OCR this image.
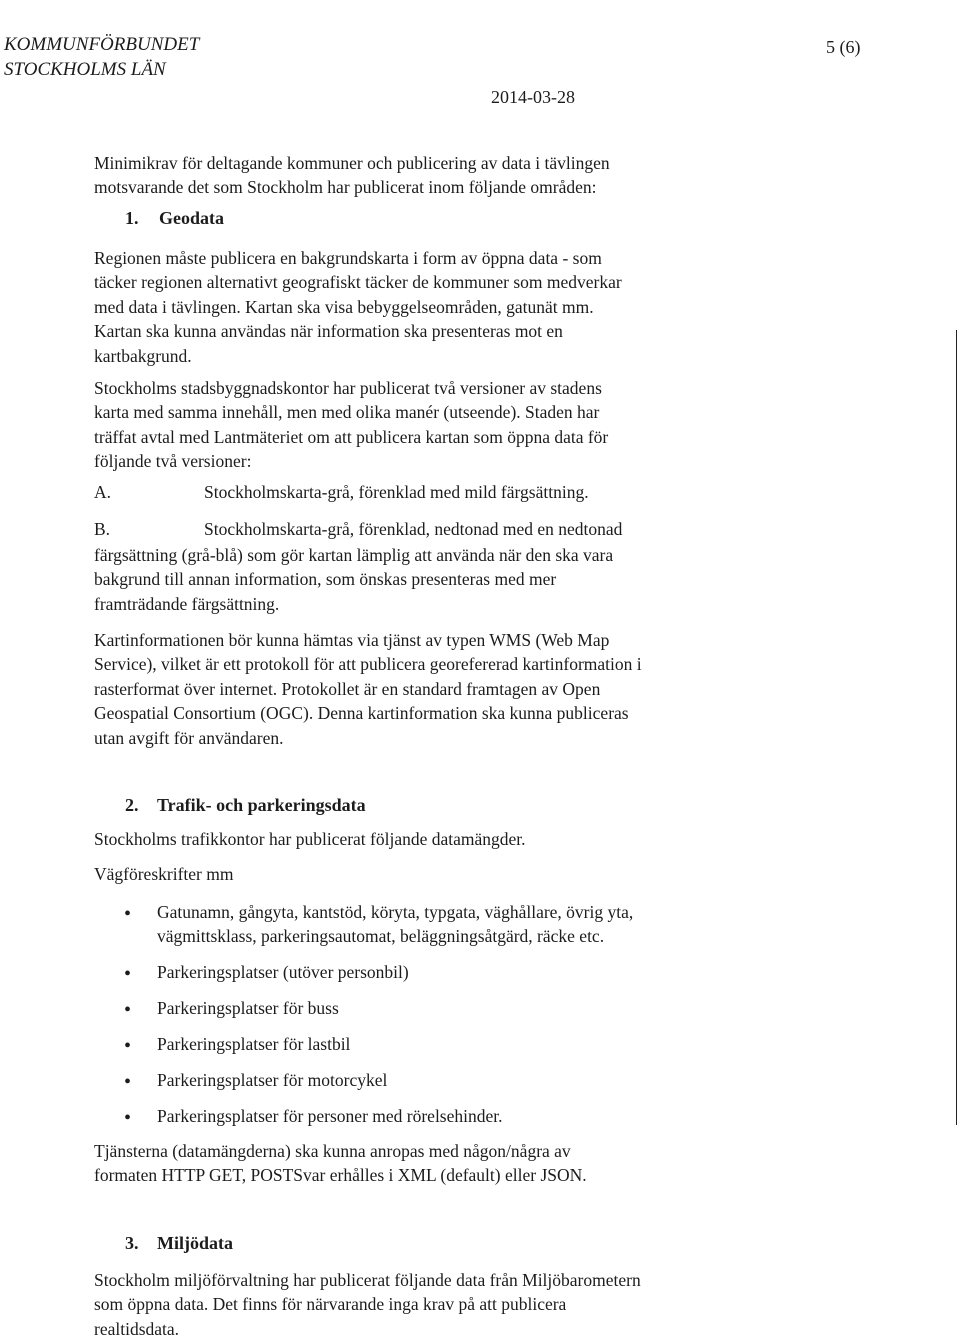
KOMMUNFÖRBUNDET
STOCKHOLMS LÄN
5 (6)
2014-03-28
Minimikrav för deltagande kommuner och publicering av data i tävlingen
motsvarande det som Stockholm har publicerat inom följande områden:
1. Geodata
Regionen måste publicera en bakgrundskarta i form av öppna data - som
täcker regionen alternativt geografiskt täcker de kommuner som medverkar
med data i tävlingen. Kartan ska visa bebyggelseområden, gatunät mm.
Kartan ska kunna användas när information ska presenteras mot en
kartbakgrund.
Stockholms stadsbyggnadskontor har publicerat två versioner av stadens
karta med samma innehåll, men med olika manér (utseende). Staden har
träffat avtal med Lantmäteriet om att publicera kartan som öppna data för
följande två versioner:
A.	Stockholmskarta-grå, förenklad med mild färgsättning.
B.	Stockholmskarta-grå, förenklad, nedtonad med en nedtonad
färgsättning (grå-blå) som gör kartan lämplig att använda när den ska vara
bakgrund till annan information, som önskas presenteras med mer
framträdande färgsättning.
Kartinformationen bör kunna hämtas via tjänst av typen WMS (Web Map
Service), vilket är ett protokoll för att publicera georefererad kartinformation i
rasterformat över internet. Protokollet är en standard framtagen av Open
Geospatial Consortium (OGC). Denna kartinformation ska kunna publiceras
utan avgift för användaren.
2. Trafik- och parkeringsdata
Stockholms trafikkontor har publicerat följande datamängder.
Vägföreskrifter mm
• Gatunamn, gångyta, kantstöd, köryta, typgata, väghållare, övrig yta,
vägmittsklass, parkeringsautomat, beläggningsåtgärd, räcke etc.
• Parkeringsplatser (utöver personbil)
• Parkeringsplatser för buss
• Parkeringsplatser för lastbil
• Parkeringsplatser för motorcykel
• Parkeringsplatser för personer med rörelsehinder.
Tjänsterna (datamängderna) ska kunna anropas med någon/några av
formaten HTTP GET, POSTSvar erhålles i XML (default) eller JSON.
3. Miljödata
Stockholm miljöförvaltning har publicerat följande data från Miljöbarometern
som öppna data. Det finns för närvarande inga krav på att publicera
realtidsdata.
